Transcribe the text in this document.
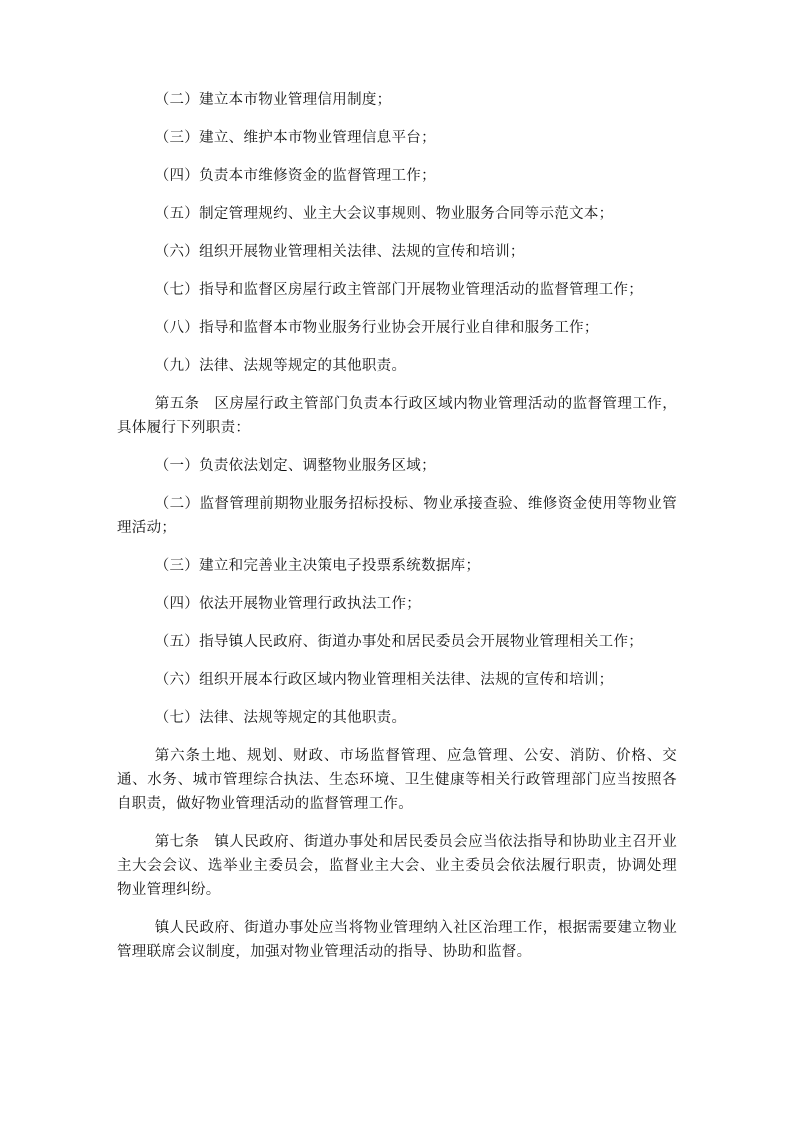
（二）建立本市物业管理信用制度；

（三）建立、维护本市物业管理信息平台；

（四）负责本市维修资金的监督管理工作；

（五）制定管理规约、业主大会议事规则、物业服务合同等示范文本；

（六）组织开展物业管理相关法律、法规的宣传和培训；

（七）指导和监督区房屋行政主管部门开展物业管理活动的监督管理工作；

（八）指导和监督本市物业服务行业协会开展行业自律和服务工作；

（九）法律、法规等规定的其他职责。

第五条　区房屋行政主管部门负责本行政区域内物业管理活动的监督管理工作，具体履行下列职责：

（一）负责依法划定、调整物业服务区域；

（二）监督管理前期物业服务招标投标、物业承接查验、维修资金使用等物业管理活动；

（三）建立和完善业主决策电子投票系统数据库；

（四）依法开展物业管理行政执法工作；

（五）指导镇人民政府、街道办事处和居民委员会开展物业管理相关工作；

（六）组织开展本行政区域内物业管理相关法律、法规的宣传和培训；

（七）法律、法规等规定的其他职责。

第六条土地、规划、财政、市场监督管理、应急管理、公安、消防、价格、交通、水务、城市管理综合执法、生态环境、卫生健康等相关行政管理部门应当按照各自职责，做好物业管理活动的监督管理工作。

第七条　镇人民政府、街道办事处和居民委员会应当依法指导和协助业主召开业主大会会议、选举业主委员会，监督业主大会、业主委员会依法履行职责，协调处理物业管理纠纷。

镇人民政府、街道办事处应当将物业管理纳入社区治理工作，根据需要建立物业管理联席会议制度，加强对物业管理活动的指导、协助和监督。
